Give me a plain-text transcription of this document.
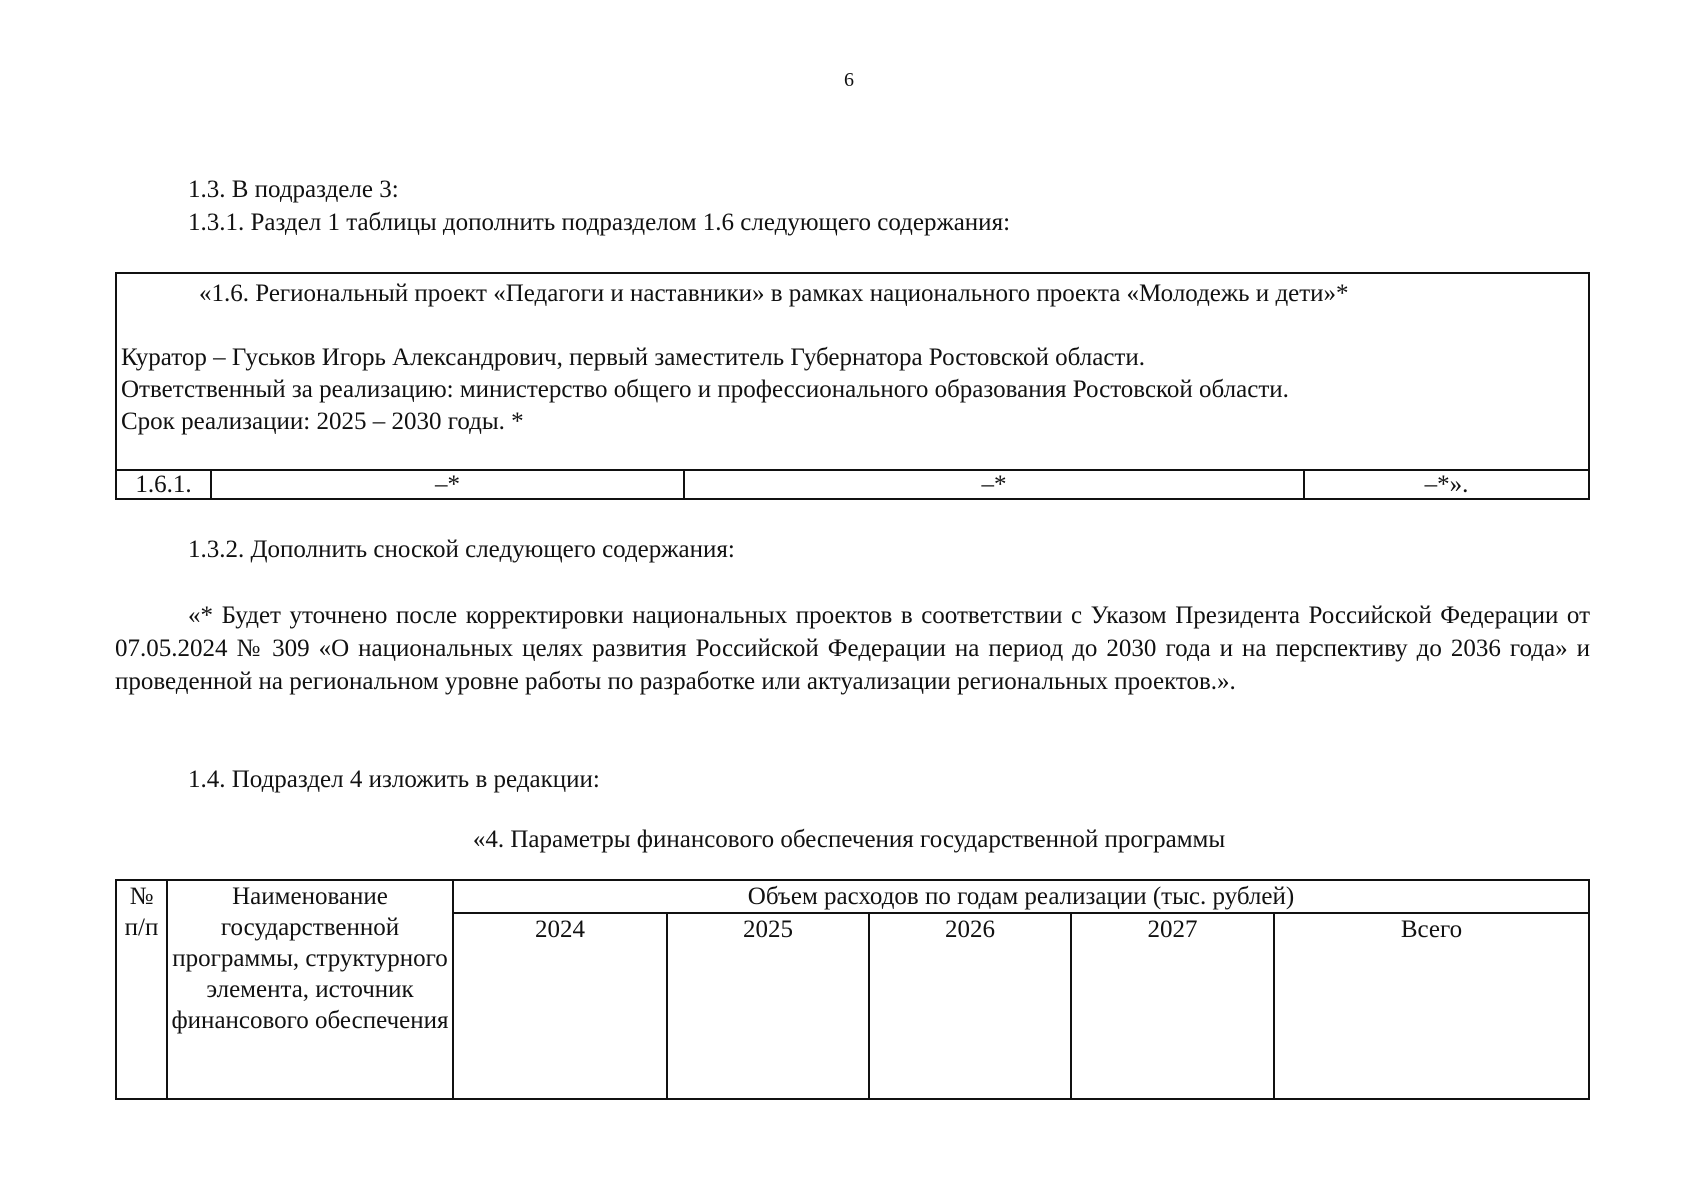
6
1.3. В подразделе 3:
1.3.1. Раздел 1 таблицы дополнить подразделом 1.6 следующего содержания:
«1.6. Региональный проект «Педагоги и наставники» в рамках национального проекта «Молодежь и дети»*
Куратор – Гуськов Игорь Александрович, первый заместитель Губернатора Ростовской области.
Ответственный за реализацию: министерство общего и профессионального образования Ростовской области.
Срок реализации: 2025 – 2030 годы. *
1.6.1.	–*	–*	–*».
1.3.2. Дополнить сноской следующего содержания:

«* Будет уточнено после корректировки национальных проектов в соответствии с Указом Президента Российской Федерации от 07.05.2024 № 309 «О национальных целях развития Российской Федерации на период до 2030 года и на перспективу до 2036 года» и проведенной на региональном уровне работы по разработке или актуализации региональных проектов.».

1.4. Подраздел 4 изложить в редакции:
«4. Параметры финансового обеспечения государственной программы
№ п/п	Наименование государственной программы, структурного элемента, источник финансового обеспечения	Объем расходов по годам реализации (тыс. рублей)				
		2024	2025	2026	2027	Всего
